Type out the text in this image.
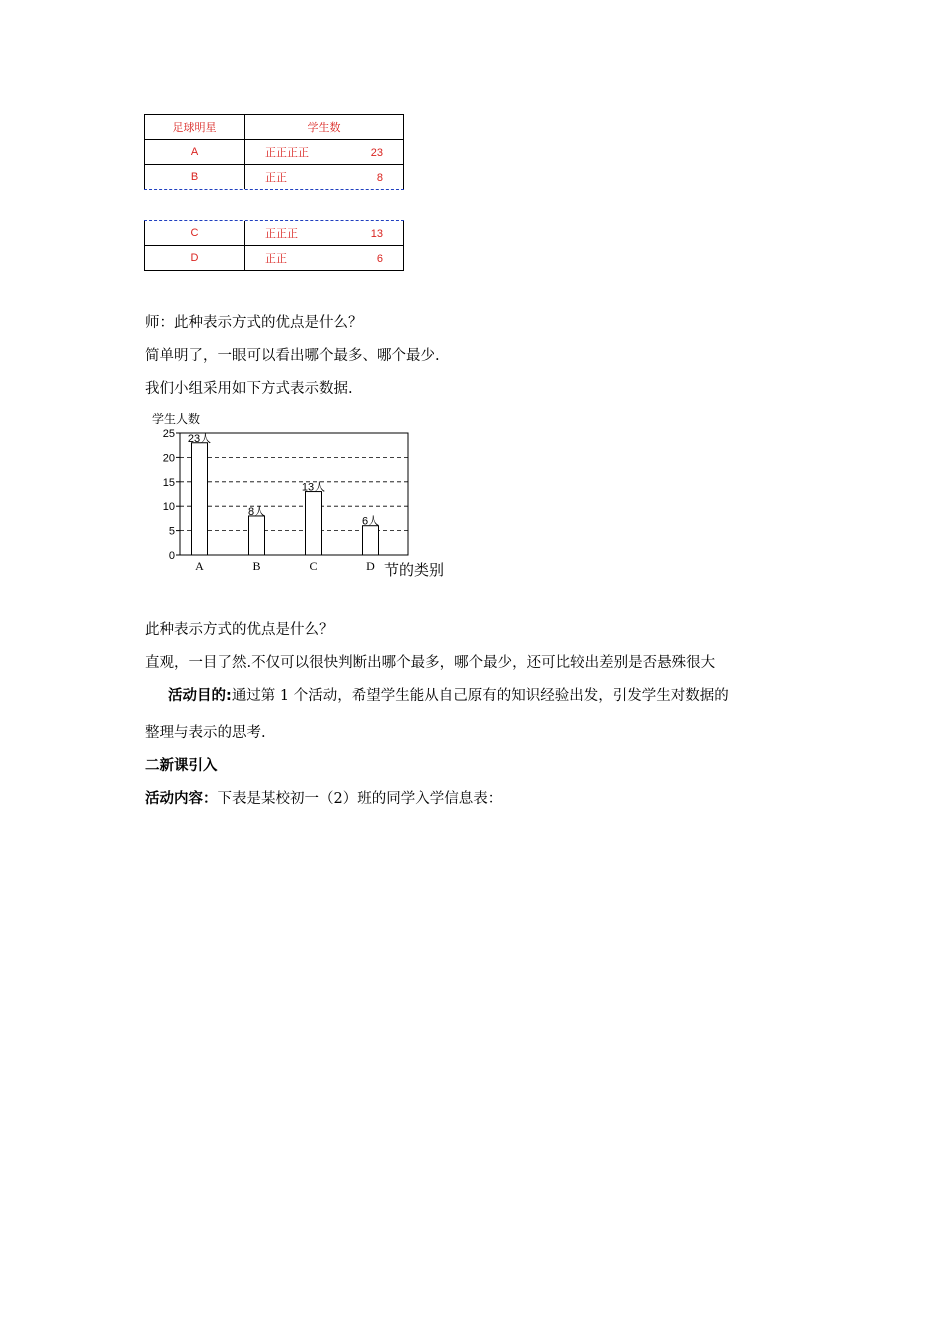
足球明星	学生数
A	正正正正 23
B	正正 8
C	正正正 13
D	正正 6
师：此种表示方式的优点是什么？
简单明了，一眼可以看出哪个最多、哪个最少.
我们小组采用如下方式表示数据.
0
5
10
15
20
25
A	B	C	D
23人
8人
13人
6人
学生人数
节的类别
此种表示方式的优点是什么？
直观，一目了然.不仅可以很快判断出哪个最多，哪个最少，还可比较出差别是否悬殊很大
活动目的:通过第 1 个活动，希望学生能从自己原有的知识经验出发，引发学生对数据的
整理与表示的思考.
二新课引入
活动内容：下表是某校初一（2）班的同学入学信息表：
